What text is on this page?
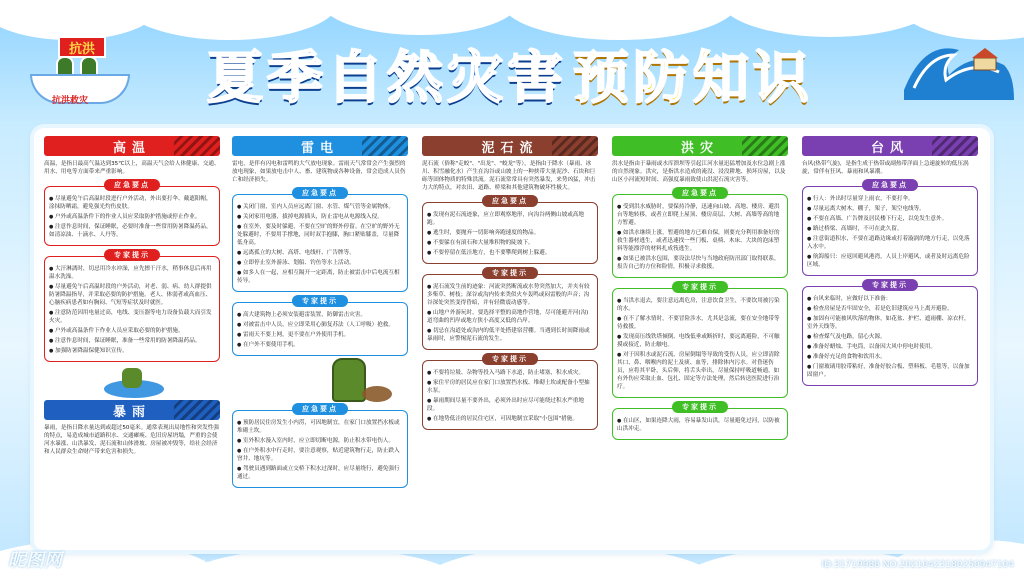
抗洪
抗洪救灾 夏季自然灾害 预防知识
高温
高温，是指日最高气温达到35℃以上，高温天气会给人体健康、交通、用水、用电等方面带来严重影响。
应急要点

● 尽量避免午后高温时段进行户外活动，外出要打伞、戴遮阳帽，涂抹防晒霜，避免强光灼伤皮肤。

● 户外或高温条件下的作业人员应采取防护措施或停止作业。

● 注意作息时间，保证睡眠，必要时准备一些常用防暑降温药品，如清凉油、十滴水、人丹等。

专家提示

● 大汗淋漓时，切忌用冷水冲澡，应先擦干汗水，稍事休息后再用温水洗澡。

● 尽量避免午后高温时段的户外活动，对老、弱、病、幼人群提供防暑降温指导，并采取必要的防护措施。老人、体弱者或高血压、心脑疾病患者如有胸闷、气短等症状及时就医。

● 注意防范因用电量过高，电线、变压器等电力设备负载大而引发火灾。

● 户外或高温条件下作业人员应采取必要的防护措施。

● 注意作息时间，保证睡眠，准备一些常用的防暑降温药品。

● 加强防暑降温保健知识宣传。

暴雨
暴雨，是指日降水量达到或超过50毫米。通常表现出局地性和突发性强的特点，易造成城市道路积水、交通瘫痪、危旧房屋坍塌，严重的会使河水暴涨、山洪暴发、泥石流和山体滑坡、房屋被冲毁等，给社会经济和人民群众生命财产带来危害和损失。
雷电
雷电，是伴有闪电和雷鸣的大气放电现象。雷雨天气常常会产生强烈的放电现象，如果放电击中人、畜、建筑物或各种设备，常会造成人员伤亡和经济损失。
应急要点

● 关闭门窗，室内人员应远离门窗、水管、煤气管等金属物体。

● 关闭家用电器，拔掉电源插头，防止雷电从电源线入侵。

● 在室外，要及时躲避，不要在空旷的野外停留。在空旷的野外无处躲避时，不要用手撑地，同时双手抱膝，胸口紧贴膝盖，尽量降低身高。

● 远离孤立的大树、高塔、电线杆、广告牌等。

● 立即停止室外游泳、划船、钓鱼等水上活动。

● 如多人在一起，应相互隔开一定距离，防止被雷击中后电流互相传导。

专家提示

● 高大建筑物上必须安装避雷装置，防御雷击灾害。

● 对被雷击中人员，应立即采用心肺复苏法（人工呼吸）抢救。

● 雷雨天不要上网，更不要在户外使用手机。

● 在户外不要使用手机。

应急要点

● 预防居民住房发生小内涝，可因地制宜，在家门口放置挡水板或堆砌土坎。

● 室外积水漫入室内时，应立即切断电源，防止积水带电伤人。

● 在户外积水中行走时，要注意观察，贴近建筑物行走，防止跌入窨井、地坑等。

● 驾驶员遇到路面或立交桥下积水过深时，应尽量绕行，避免强行通过。

泥石流
泥石流（俗称"走蛟"、"出龙"、"蛟龙"等），是指由于降水（暴雨、冰川、积雪融化水）产生在沟谷或山坡上的一种挟带大量泥沙、石块和巨砾等固体物质的特殊洪流。泥石流常常具有突然暴发，来势凶猛，冲击力大的特点，对农田、道路、桥梁和其他建筑物破坏性极大。
应急要点

● 发现有泥石流迹象，应立即观察地形，向沟谷两侧山坡或高地跑。

● 逃生时，要抛弃一切影响奔跑速度的物品。

● 不要躲在有滚石和大量堆积物的陡坡下。

● 不要停留在低洼地方，也不要攀爬到树上躲避。

专家提示

● 泥石流发生前的迹象：河流突然断流或水势突然加大，并夹有较多柴草、树枝；深谷或沟内传来类似火车轰鸣或闷雷般的声音；沟谷深处突然变得昏暗，并有轻微震动感等。

● 山地户外游玩时，要选择平整的高地作营地，尽可能避开河(沟)道弯曲的凹岸或地方狭小高度又低的凸岸。

● 切忌在沟道处或沟内的低平处搭建宿营棚。当遇到长时间降雨或暴雨时，应警惕泥石流的发生。

专家提示

● 不要将垃圾、杂物等投入马路下水道，防止堵塞，积水成灾。

● 家住平房的居民应在家门口放置挡水板、堆砌土坎或配备小型抽水泵。

● 暴雨期间尽量不要外出，必须外出时应尽可能绕过积水严重地段。

● 在地势低洼的居民住宅区，可因地制宜采取"小包围"措施。

洪灾
洪水是指由于暴雨或水库溃坝等引起江河水量迅猛增加及水位急剧上涨的自然现象。洪灾，是指洪水造成的淹没、浸没耕地、损坏房屋，以及山区小河流短时间、高强度暴雨致使山洪泥石流灾害等。
应急要点

● 受到洪水威胁时，要保持冷静，迅速向山坡、高地、楼房、避洪台等地转移，或者立即爬上屋顶、楼房高层、大树、高墙等高的地方暂避。

● 如洪水继续上涨，暂避的地方已难自保，则要充分利用准备好的救生器材逃生，或者迅速找一些门板、桌椅、木床、大块的泡沫塑料等能漂浮的材料扎成筏逃生。

● 如果已被洪水包围，要设法尽快与当地政府防汛部门取得联系，报告自己的方位和险情，积极寻求救援。

专家提示

● 当洪水退去，要注意远离危房，注意饮食卫生，不要饮用被污染的水。

● 在不了解水情时，不要冒险涉水，尤其是急流，要在安全地带等待救援。

● 发现高压线铁塔倾倒、电线低垂或断折时，要远离避险，不可触摸或接近，防止触电。

● 对于因积水或泥石流、房屋倒塌等导致的受伤人员，应立即清除其口、鼻、咽喉内的泥土及痰、血等，排除体内污水。对昏迷伤员，应将其平卧，头后仰，将舌头牵出，尽量保持呼吸道畅通。如有外伤应采取止血、包扎、固定等方法处理，然后转送医院进行治疗。

专家提示

● 在山区，如果连降大雨，容易暴发山洪，尽量避免过河，以防被山洪冲走。

台风
台风(热带气旋)，是指生成于热带或副热带洋面上急速旋转的低压涡旋，常伴有狂风、暴雨和风暴潮。
应急要点

● 行人：外出时尽量穿上雨衣，不要打伞。

● 尽量远离大树木，棚子，架子，架空电线等。

● 不要在高墙、广告牌及居民楼下行走，以免发生意外。

● 路过桥梁、高墙时，不可在此久留。

● 注意街道积水，不要在道路边缘或打着漩涡的地方行走，以免落入水中。

● 航海船只：应返回避风港湾，人员上岸避风，或者及时远离危险区域。

专家提示

● 台风来临时，应做好以下准备：

● 检查房屋是否牢固安全，若是危旧建筑应马上离开避险。

● 加固有可能被风吹落的物体，如花盆、护栏、遮雨棚、凉衣杆，室外天线等。

● 检查煤气及电路，留心火源。

● 准备好蜡烛、手电筒，以备因大风中停电时使用。

● 准备好充足的食物和饮用水。

● 门窗玻璃用胶带粘好，准备好胶合板、塑料板、毛毯等，以备加固窗户。

昵图网	www.nipic.com	ID:31719988 NO:20210423180250947104
